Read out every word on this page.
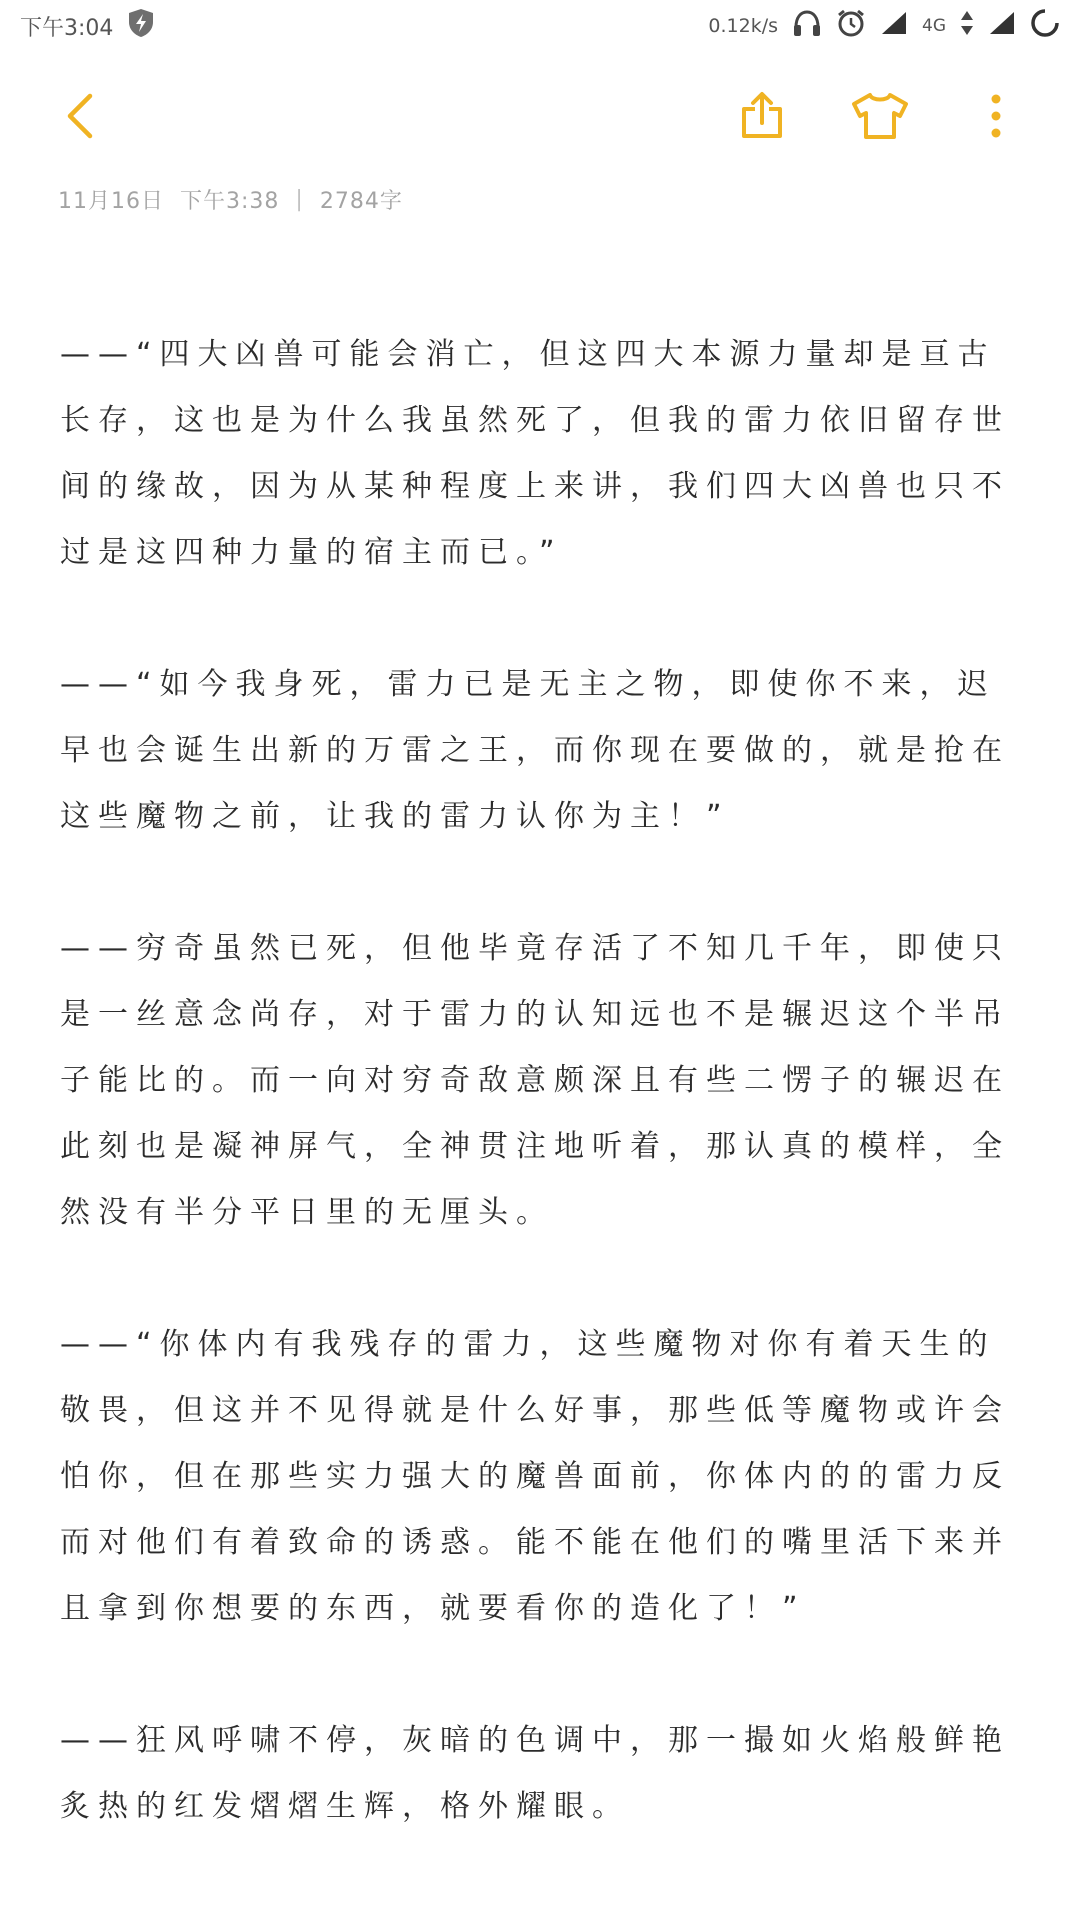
下午3:04	0.12k/s	4G
11月16日 下午3:38 | 2784字

——“四大凶兽可能会消亡，但这四大本源力量却是亘古长存，这也是为什么我虽然死了，但我的雷力依旧留存世间的缘故，因为从某种程度上来讲，我们四大凶兽也只不过是这四种力量的宿主而已。”

——“如今我身死，雷力已是无主之物，即使你不来，迟早也会诞生出新的万雷之王，而你现在要做的，就是抢在这些魔物之前，让我的雷力认你为主！”

——穷奇虽然已死，但他毕竟存活了不知几千年，即使只是一丝意念尚存，对于雷力的认知远也不是辗迟这个半吊子能比的。而一向对穷奇敌意颇深且有些二愣子的辗迟在此刻也是凝神屏气，全神贯注地听着，那认真的模样，全然没有半分平日里的无厘头。

——“你体内有我残存的雷力，这些魔物对你有着天生的敬畏，但这并不见得就是什么好事，那些低等魔物或许会怕你，但在那些实力强大的魔兽面前，你体内的的雷力反而对他们有着致命的诱惑。能不能在他们的嘴里活下来并且拿到你想要的东西，就要看你的造化了！”

——狂风呼啸不停，灰暗的色调中，那一撮如火焰般鲜艳炙热的红发熠熠生辉，格外耀眼。
